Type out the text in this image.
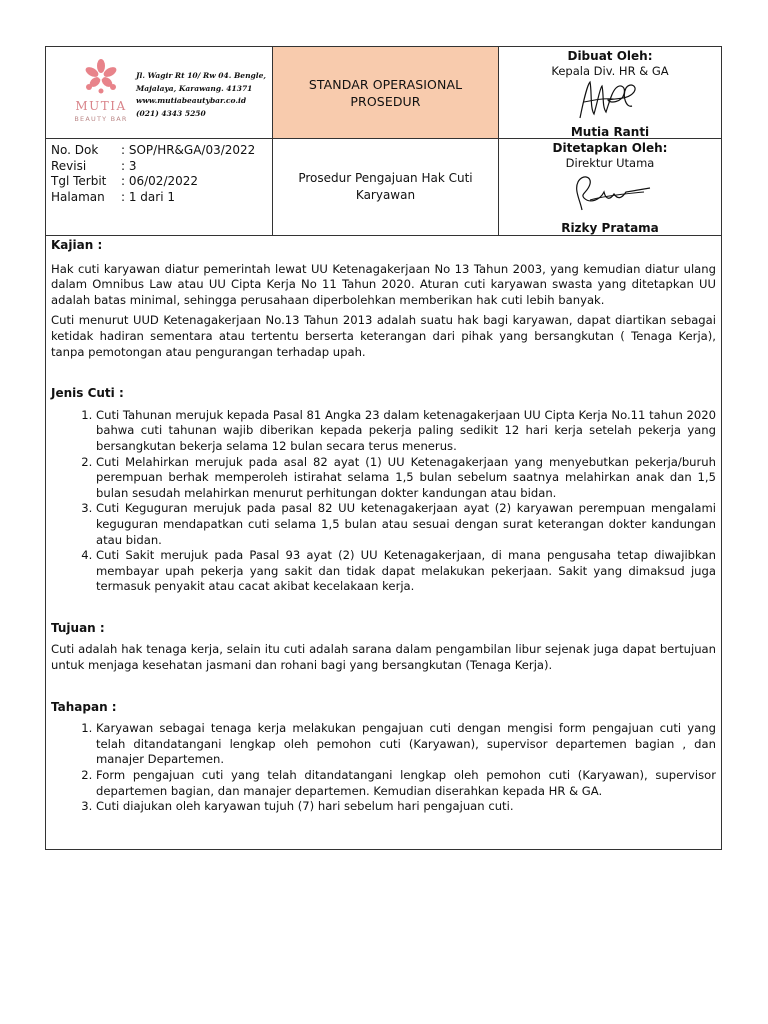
MUTIA
BEAUTY BAR
Jl. Wagir Rt 10/ Rw 04. Bengle,
Majalaya, Karawang. 41371
www.mutiabeautybar.co.id
(021) 4343 5250
STANDAR OPERASIONAL
PROSEDUR
Dibuat Oleh:
Kepala Div. HR & GA
Mutia Ranti
No. Dok : SOP/HR&GA/03/2022
Revisi	: 3
Tgl Terbit : 06/02/2022
Halaman : 1 dari 1
Prosedur Pengajuan Hak Cuti Karyawan
Ditetapkan Oleh:
Direktur Utama
Rizky Pratama

Kajian :

Hak cuti karyawan diatur pemerintah lewat UU Ketenagakerjaan No 13 Tahun 2003, yang kemudian diatur ulang dalam Omnibus Law atau UU Cipta Kerja No 11 Tahun 2020. Aturan cuti karyawan swasta yang ditetapkan UU adalah batas minimal, sehingga perusahaan diperbolehkan memberikan hak cuti lebih banyak.

Cuti menurut UUD Ketenagakerjaan No.13 Tahun 2013 adalah suatu hak bagi karyawan, dapat diartikan sebagai ketidak hadiran sementara atau tertentu berserta keterangan dari pihak yang bersangkutan ( Tenaga Kerja), tanpa pemotongan atau pengurangan terhadap upah.

Jenis Cuti :

1. Cuti Tahunan merujuk kepada Pasal 81 Angka 23 dalam ketenagakerjaan UU Cipta Kerja No.11 tahun 2020 bahwa cuti tahunan wajib diberikan kepada pekerja paling sedikit 12 hari kerja setelah pekerja yang bersangkutan bekerja selama 12 bulan secara terus menerus.
2. Cuti Melahirkan merujuk pada asal 82 ayat (1) UU Ketenagakerjaan yang menyebutkan pekerja/buruh perempuan berhak memperoleh istirahat selama 1,5 bulan sebelum saatnya melahirkan anak dan 1,5 bulan sesudah melahirkan menurut perhitungan dokter kandungan atau bidan.
3. Cuti Keguguran merujuk pada pasal 82 UU ketenagakerjaan ayat (2) karyawan perempuan mengalami keguguran mendapatkan cuti selama 1,5 bulan atau sesuai dengan surat keterangan dokter kandungan atau bidan.
4. Cuti Sakit merujuk pada Pasal 93 ayat (2) UU Ketenagakerjaan, di mana pengusaha tetap diwajibkan membayar upah pekerja yang sakit dan tidak dapat melakukan pekerjaan. Sakit yang dimaksud juga termasuk penyakit atau cacat akibat kecelakaan kerja.

Tujuan :

Cuti adalah hak tenaga kerja, selain itu cuti adalah sarana dalam pengambilan libur sejenak juga dapat bertujuan untuk menjaga kesehatan jasmani dan rohani bagi yang bersangkutan (Tenaga Kerja).

Tahapan :

1. Karyawan sebagai tenaga kerja melakukan pengajuan cuti dengan mengisi form pengajuan cuti yang telah ditandatangani lengkap oleh pemohon cuti (Karyawan), supervisor departemen bagian , dan manajer Departemen.
2. Form pengajuan cuti yang telah ditandatangani lengkap oleh pemohon cuti (Karyawan), supervisor departemen bagian, dan manajer departemen. Kemudian diserahkan kepada HR & GA.
3. Cuti diajukan oleh karyawan tujuh (7) hari sebelum hari pengajuan cuti.
